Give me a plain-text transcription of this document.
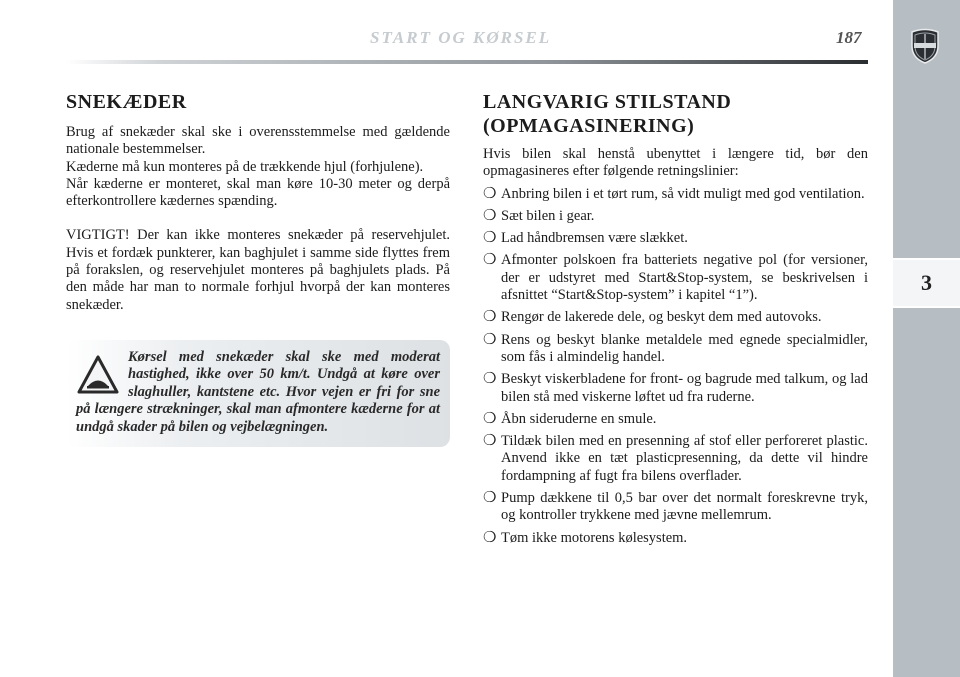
START OG KØRSEL	187
3
SNEKÆDER

Brug af snekæder skal ske i overensstemmelse med gældende nationale bestemmelser.

Kæderne må kun monteres på de trækkende hjul (forhjulene).

Når kæderne er monteret, skal man køre 10-30 meter og derpå efterkontrollere kædernes spænding.

VIGTIGT! Der kan ikke monteres snekæder på reservehjulet. Hvis et fordæk punkterer, kan baghjulet i samme side flyttes frem på forakslen, og reservehjulet monteres på baghjulets plads. På den måde har man to normale forhjul hvorpå der kan monteres snekæder.

Kørsel med snekæder skal ske med moderat hastighed, ikke over 50 km/t. Undgå at køre over slaghuller, kantstene etc. Hvor vejen er fri for sne på længere strækninger, skal man afmontere kæderne for at undgå skader på bilen og vejbelægningen.
LANGVARIG STILSTAND
(OPMAGASINERING)

Hvis bilen skal henstå ubenyttet i længere tid, bør den opmagasineres efter følgende retningslinier:

❍ Anbring bilen i et tørt rum, så vidt muligt med god ventilation.
❍ Sæt bilen i gear.
❍ Lad håndbremsen være slækket.
❍ Afmonter polskoen fra batteriets negative pol (for versioner, der er udstyret med Start&Stop-system, se beskrivelsen i afsnittet “Start&Stop-system” i kapitel “1”).
❍ Rengør de lakerede dele, og beskyt dem med autovoks.
❍ Rens og beskyt blanke metaldele med egnede specialmidler, som fås i almindelig handel.
❍ Beskyt viskerbladene for front- og bagrude med talkum, og lad bilen stå med viskerne løftet ud fra ruderne.
❍ Åbn sideruderne en smule.
❍ Tildæk bilen med en presenning af stof eller perforeret plastic. Anvend ikke en tæt plasticpresenning, da dette vil hindre fordampning af fugt fra bilens overflader.
❍ Pump dækkene til 0,5 bar over det normalt foreskrevne tryk, og kontroller trykkene med jævne mellemrum.
❍ Tøm ikke motorens kølesystem.
